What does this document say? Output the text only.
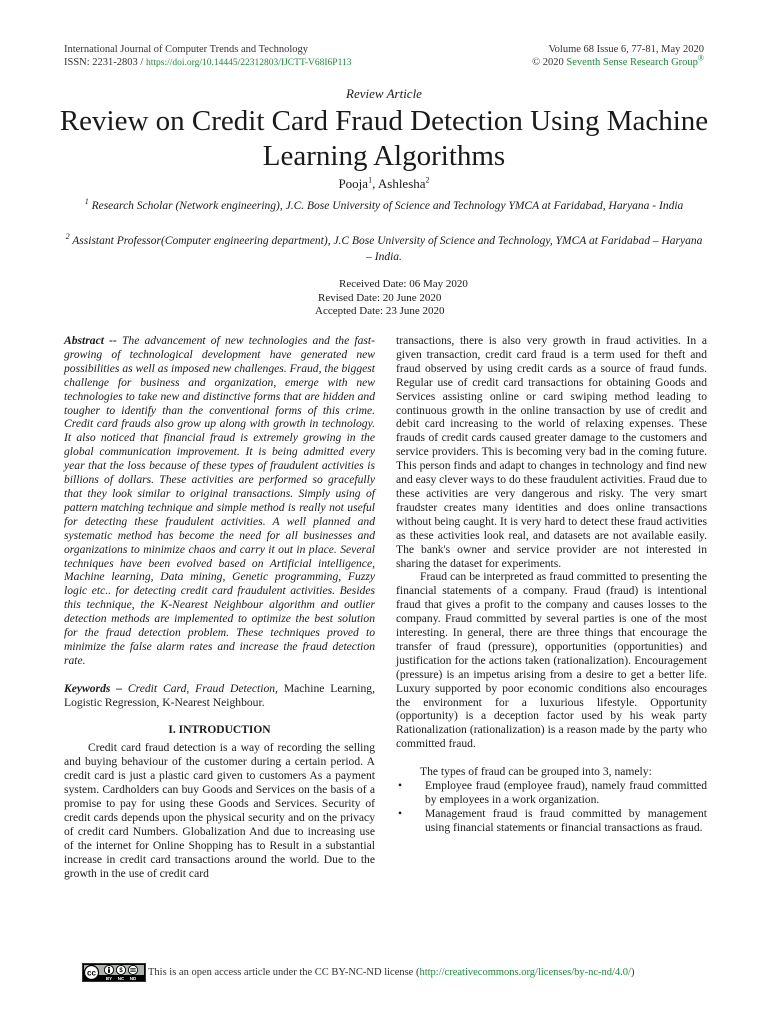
International Journal of Computer Trends and Technology
ISSN: 2231-2803 / https://doi.org/10.14445/22312803/IJCTT-V68I6P113
Volume 68 Issue 6, 77-81, May 2020
© 2020 Seventh Sense Research Group®
Review Article
Review on Credit Card Fraud Detection Using Machine Learning Algorithms
Pooja$^1$, Ashlesha$^2$
$^1$ Research Scholar (Network engineering), J.C. Bose University of Science and Technology YMCA at Faridabad, Haryana - India
$^2$ Assistant Professor(Computer engineering department), J.C Bose University of Science and Technology, YMCA at Faridabad – Haryana – India.
Received Date: 06 May 2020
Revised Date: 20 June 2020
Accepted Date: 23 June 2020

Abstract -- The advancement of new technologies and the fast-growing of technological development have generated new possibilities as well as imposed new challenges. Fraud, the biggest challenge for business and organization, emerge with new technologies to take new and distinctive forms that are hidden and tougher to identify than the conventional forms of this crime. Credit card frauds also grow up along with growth in technology. It also noticed that financial fraud is extremely growing in the global communication improvement. It is being admitted every year that the loss because of these types of fraudulent activities is billions of dollars. These activities are performed so gracefully that they look similar to original transactions. Simply using of pattern matching technique and simple method is really not useful for detecting these fraudulent activities. A well planned and systematic method has become the need for all businesses and organizations to minimize chaos and carry it out in place. Several techniques have been evolved based on Artificial intelligence, Machine learning, Data mining, Genetic programming, Fuzzy logic etc.. for detecting credit card fraudulent activities. Besides this technique, the K-Nearest Neighbour algorithm and outlier detection methods are implemented to optimize the best solution for the fraud detection problem. These techniques proved to minimize the false alarm rates and increase the fraud detection rate.

Keywords – Credit Card, Fraud Detection, Machine Learning, Logistic Regression, K-Nearest Neighbour.

I. INTRODUCTION

Credit card fraud detection is a way of recording the selling and buying behaviour of the customer during a certain period. A credit card is just a plastic card given to customers As a payment system. Cardholders can buy Goods and Services on the basis of a promise to pay for using these Goods and Services. Security of credit cards depends upon the physical security and on the privacy of credit card Numbers. Globalization And due to increasing use of the internet for Online Shopping has to Result in a substantial increase in credit card transactions around the world. Due to the growth in the use of credit card

transactions, there is also very growth in fraud activities. In a given transaction, credit card fraud is a term used for theft and fraud observed by using credit cards as a source of fraud funds. Regular use of credit card transactions for obtaining Goods and Services assisting online or card swiping method leading to continuous growth in the online transaction by use of credit and debit card increasing to the world of relaxing expenses. These frauds of credit cards caused greater damage to the customers and service providers. This is becoming very bad in the coming future. This person finds and adapt to changes in technology and find new and easy clever ways to do these fraudulent activities. Fraud due to these activities are very dangerous and risky. The very smart fraudster creates many identities and does online transactions without being caught. It is very hard to detect these fraud activities as these activities look real, and datasets are not available easily. The bank's owner and service provider are not interested in sharing the dataset for experiments.

Fraud can be interpreted as fraud committed to presenting the financial statements of a company. Fraud (fraud) is intentional fraud that gives a profit to the company and causes losses to the company. Fraud committed by several parties is one of the most interesting. In general, there are three things that encourage the transfer of fraud (pressure), opportunities (opportunities) and justification for the actions taken (rationalization). Encouragement (pressure) is an impetus arising from a desire to get a better life. Luxury supported by poor economic conditions also encourages the environment for a luxurious lifestyle. Opportunity (opportunity) is a deception factor used by his weak party Rationalization (rationalization) is a reason made by the party who committed fraud.

The types of fraud can be grouped into 3, namely:

• Employee fraud (employee fraud), namely fraud committed by employees in a work organization.
• Management fraud is fraud committed by management using financial statements or financial transactions as fraud.
cc	$
BY NC ND
This is an open access article under the CC BY-NC-ND license ( http://creativecommons.org/licenses/by-nc-nd/4.0/ )
